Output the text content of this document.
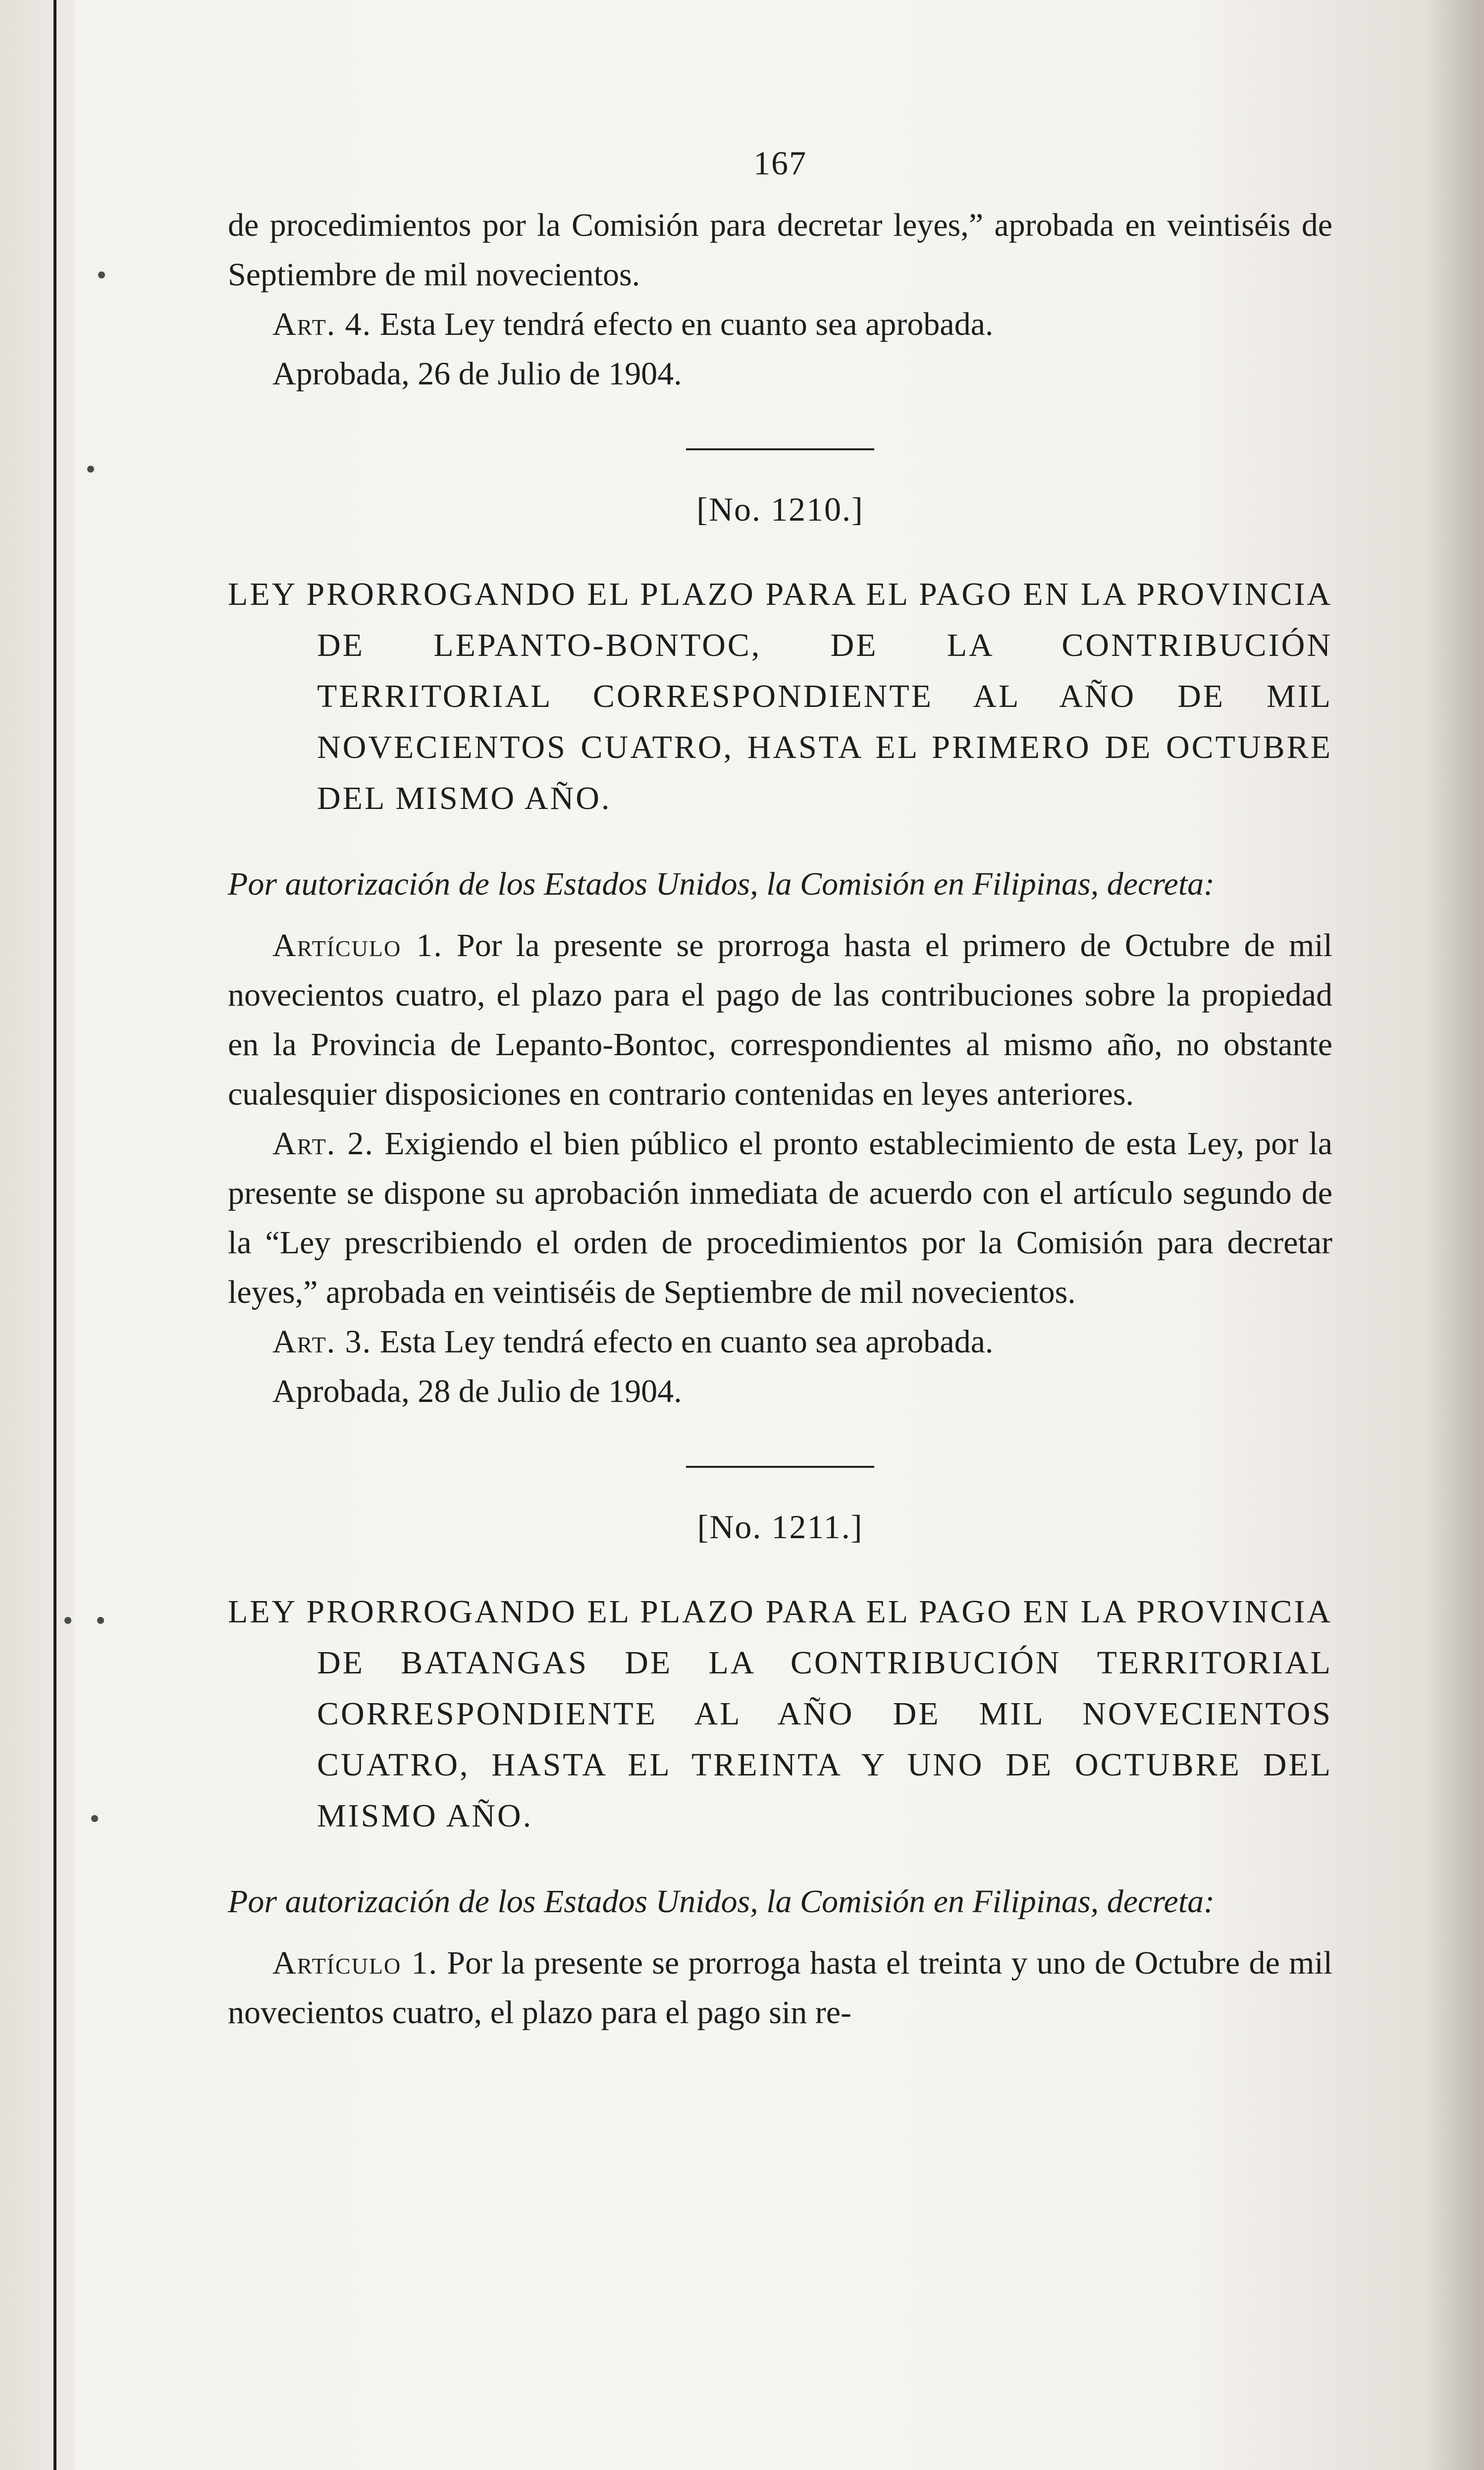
167

de procedimientos por la Comisión para decretar leyes,” aprobada en veintiséis de Septiembre de mil novecientos.

Art. 4. Esta Ley tendrá efecto en cuanto sea aprobada.

Aprobada, 26 de Julio de 1904.

[No. 1210.]
LEY PRORROGANDO EL PLAZO PARA EL PAGO EN LA PROVINCIA DE LEPANTO-BONTOC, DE LA CONTRIBUCIÓN TERRITORIAL CORRESPONDIENTE AL AÑO DE MIL NOVECIENTOS CUATRO, HASTA EL PRIMERO DE OCTUBRE DEL MISMO AÑO.
Por autorización de los Estados Unidos, la Comisión en Filipinas, decreta:

Artículo 1. Por la presente se prorroga hasta el primero de Octubre de mil novecientos cuatro, el plazo para el pago de las contribuciones sobre la propiedad en la Provincia de Lepanto-Bontoc, correspondientes al mismo año, no obstante cualesquier disposiciones en contrario contenidas en leyes anteriores.

Art. 2. Exigiendo el bien público el pronto establecimiento de esta Ley, por la presente se dispone su aprobación inmediata de acuerdo con el artículo segundo de la “Ley prescribiendo el orden de procedimientos por la Comisión para decretar leyes,” aprobada en veintiséis de Septiembre de mil novecientos.

Art. 3. Esta Ley tendrá efecto en cuanto sea aprobada.

Aprobada, 28 de Julio de 1904.

[No. 1211.]
LEY PRORROGANDO EL PLAZO PARA EL PAGO EN LA PROVINCIA DE BATANGAS DE LA CONTRIBUCIÓN TERRITORIAL CORRESPONDIENTE AL AÑO DE MIL NOVECIENTOS CUATRO, HASTA EL TREINTA Y UNO DE OCTUBRE DEL MISMO AÑO.
Por autorización de los Estados Unidos, la Comisión en Filipinas, decreta:

Artículo 1. Por la presente se prorroga hasta el treinta y uno de Octubre de mil novecientos cuatro, el plazo para el pago sin re-
